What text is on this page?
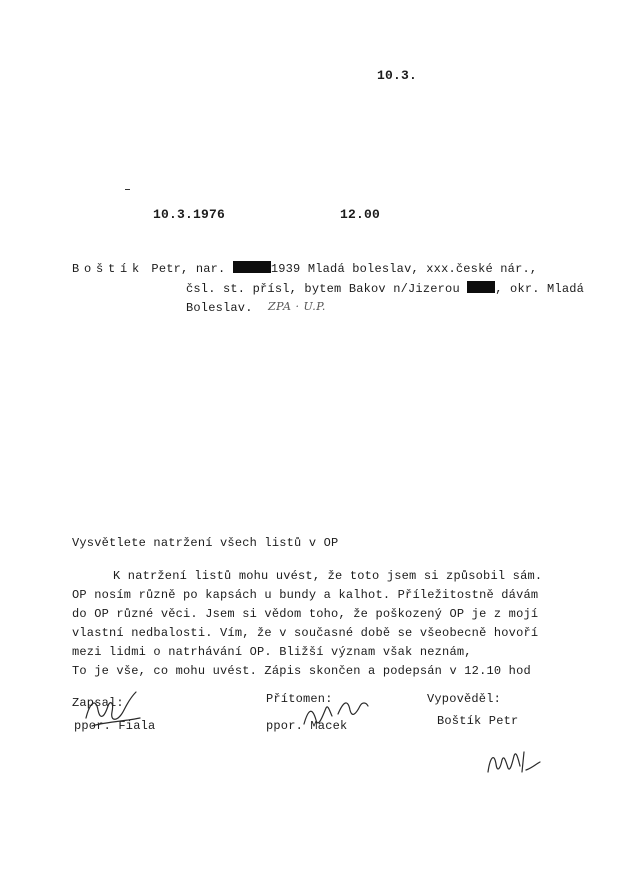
10.3.
10.3.1976	12.00
Boštík Petr, nar.	1939 Mladá boleslav, xxx.české nár.,
čsl. st. přísl, bytem Bakov n/Jizerou , okr. Mladá
Boleslav. ZPA · U.P.
Vysvětlete natržení všech listů v OP
K natržení listů mohu uvést, že toto jsem si způsobil sám.
OP nosím různě po kapsách u bundy a kalhot. Příležitostně dávám
do OP různé věci. Jsem si vědom toho, že poškozený OP je z mojí
vlastní nedbalosti. Vím, že v současné době se všeobecně hovoří
mezi lidmi o natrhávání OP. Bližší význam však neznám,
To je vše, co mohu uvést. Zápis skončen a podepsán v 12.10 hod
Zapsal:
ppor. Fiala
Přítomen:
ppor. Macek
Vypověděl:
Boštík Petr
